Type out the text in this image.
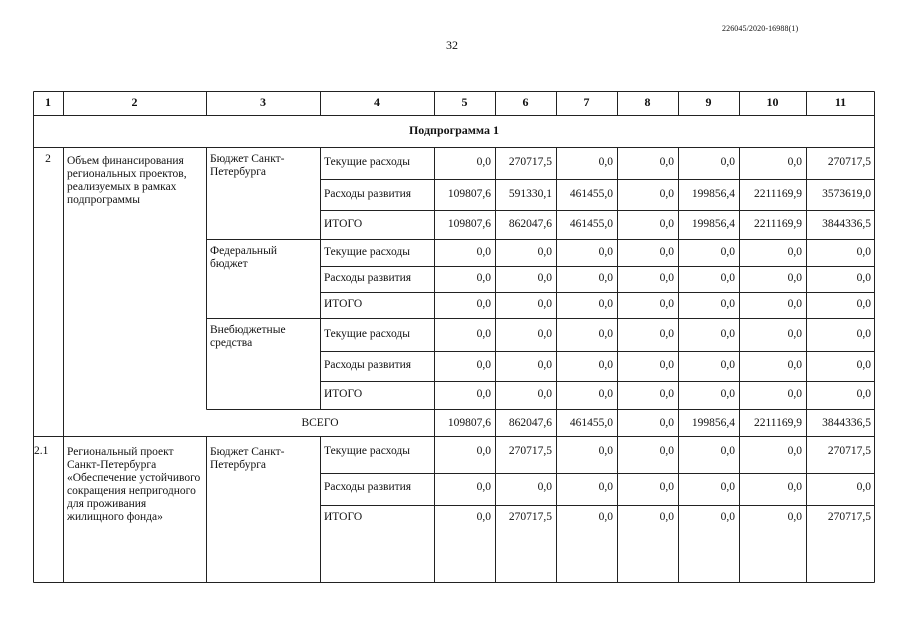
226045/2020-16988(1)
32
1	2	3	4	5	6	7	8	9	10	11
Подпрограмма 1
2	Объем финансирования региональных проектов, реализуемых в рамках подпрограммы
Бюджет Санкт-Петербурга
Текущие расходы	0,0	270717,5	0,0	0,0	0,0	0,0	270717,5
Расходы развития	109807,6	591330,1	461455,0	0,0	199856,4	2211169,9	3573619,0
ИТОГО	109807,6	862047,6	461455,0	0,0	199856,4	2211169,9	3844336,5
Федеральный бюджет
Текущие расходы	0,0	0,0	0,0	0,0	0,0	0,0	0,0
Расходы развития	0,0	0,0	0,0	0,0	0,0	0,0	0,0
ИТОГО	0,0	0,0	0,0	0,0	0,0	0,0	0,0
Внебюджетные средства
Текущие расходы	0,0	0,0	0,0	0,0	0,0	0,0	0,0
Расходы развития	0,0	0,0	0,0	0,0	0,0	0,0	0,0
ИТОГО	0,0	0,0	0,0	0,0	0,0	0,0	0,0
ВСЕГО	109807,6	862047,6	461455,0	0,0	199856,4	2211169,9	3844336,5
2.1	Региональный проект Санкт-Петербурга «Обеспечение устойчивого сокращения непригодного для проживания жилищного фонда»
Бюджет Санкт-Петербурга
Текущие расходы	0,0	270717,5	0,0	0,0	0,0	0,0	270717,5
Расходы развития	0,0	0,0	0,0	0,0	0,0	0,0	0,0
ИТОГО	0,0	270717,5	0,0	0,0	0,0	0,0	270717,5
